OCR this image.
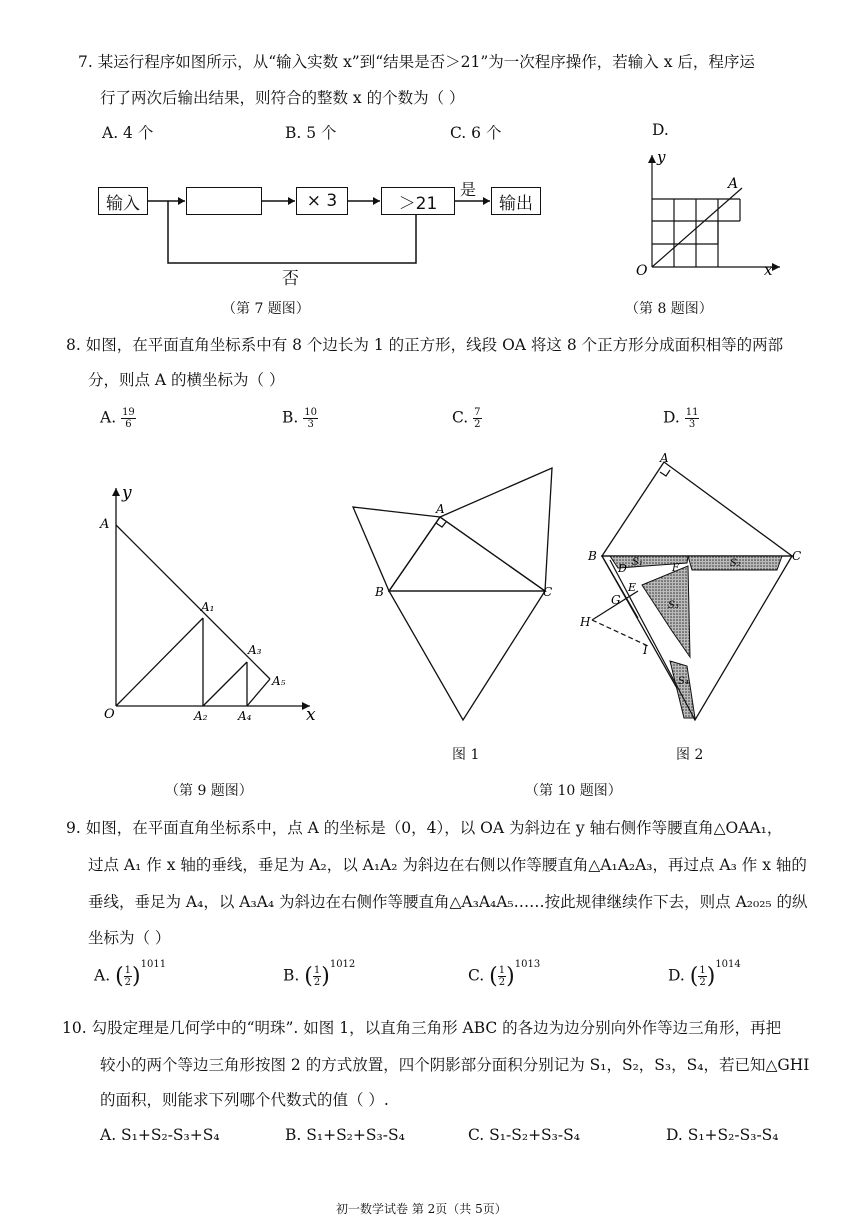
7. 某运行程序如图所示，从“输入实数 x”到“结果是否＞21”为一次程序操作，若输入 x 后，程序运
行了两次后输出结果，则符合的整数 x 的个数为（ ）
A. 4 个	B. 5 个	C. 6 个	D.
输入	× 3	＞21
是
输出
否
（第 7 题图）
y
x
O
A
（第 8 题图）
8. 如图，在平面直角坐标系中有 8 个边长为 1 的正方形，线段 OA 将这 8 个正方形分成面积相等的两部
分，则点 A 的横坐标为（ ）
A. $\frac{19}{6}$	B. $\frac{10}{3}$	C. $\frac{7}{2}$	D. $\frac{11}{3}$
y
x
O
A
A₁
A₂
A₃
A₄
A₅
（第 9 题图）
A
B	C
图 1
A
B	C
D
E
F
G
H
I
S₁	S₂
S₃
S₄
图 2
（第 10 题图）
9. 如图，在平面直角坐标系中，点 A 的坐标是（0，4），以 OA 为斜边在 y 轴右侧作等腰直角△OAA₁，
过点 A₁ 作 x 轴的垂线，垂足为 A₂，以 A₁A₂ 为斜边在右侧以作等腰直角△A₁A₂A₃，再过点 A₃ 作 x 轴的
垂线，垂足为 A₄，以 A₃A₄ 为斜边在右侧作等腰直角△A₃A₄A₅……按此规律继续作下去，则点 A₂₀₂₅ 的纵
坐标为（ ）
A. ( $\frac{1}{2} )^{1011}$
B. ( $\frac{1}{2} )^{1012}$
C. ( $\frac{1}{2} )^{1013}$
D. ( $\frac{1}{2} )^{1014}$
10. 勾股定理是几何学中的“明珠”. 如图 1，以直角三角形 ABC 的各边为边分别向外作等边三角形，再把
较小的两个等边三角形按图 2 的方式放置，四个阴影部分面积分别记为 S₁，S₂，S₃，S₄，若已知△GHI
的面积，则能求下列哪个代数式的值（ ）.
A. S₁+S₂-S₃+S₄	B. S₁+S₂+S₃-S₄	C. S₁-S₂+S₃-S₄	D. S₁+S₂-S₃-S₄
初一数学试卷 第 2页（共 5页）
